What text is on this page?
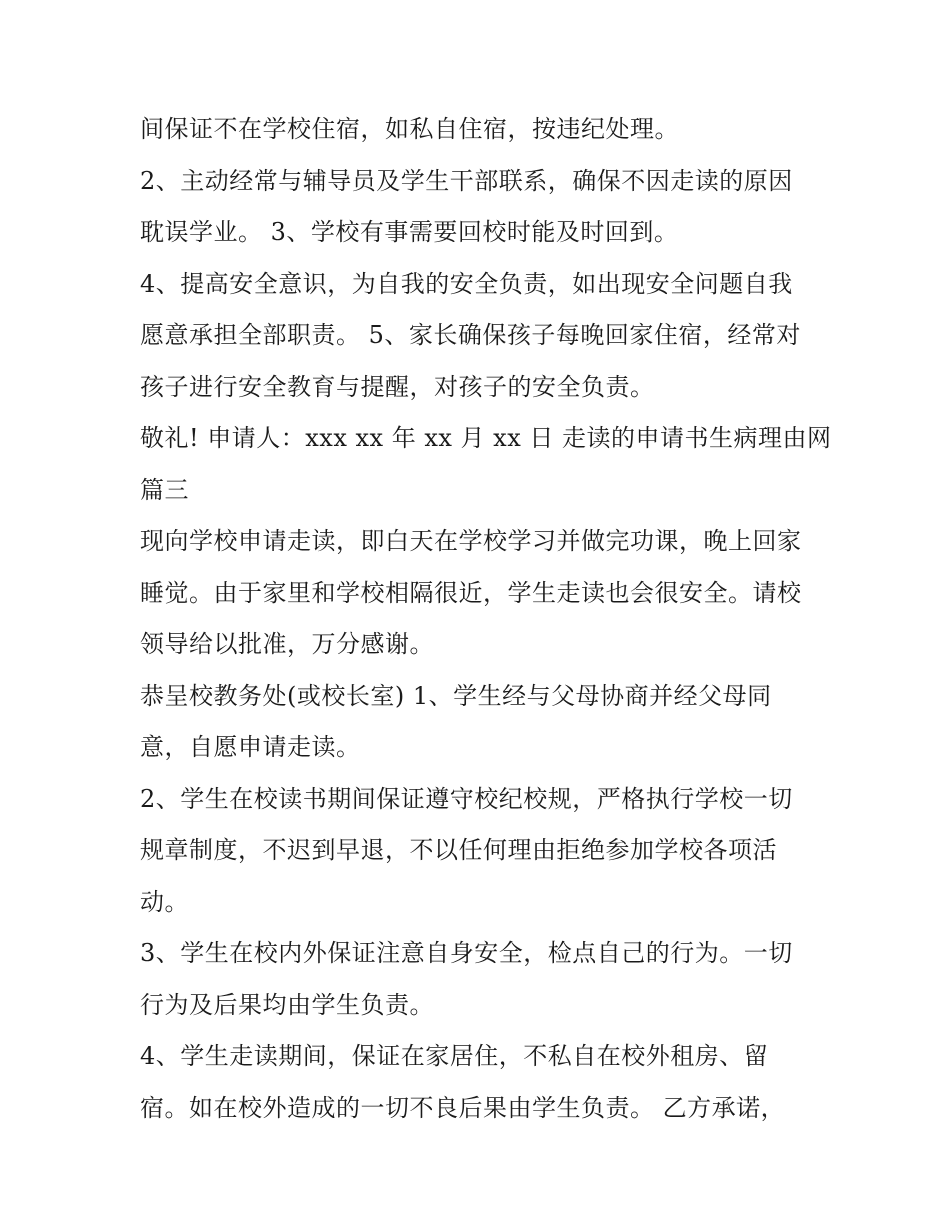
间保证不在学校住宿，如私自住宿，按违纪处理。
2、主动经常与辅导员及学生干部联系，确保不因走读的原因
耽误学业。 3、学校有事需要回校时能及时回到。
4、提高安全意识，为自我的安全负责，如出现安全问题自我
愿意承担全部职责。 5、家长确保孩子每晚回家住宿，经常对
孩子进行安全教育与提醒，对孩子的安全负责。
敬礼! 申请人：xxx xx 年 xx 月 xx 日 走读的申请书生病理由网
篇三
现向学校申请走读，即白天在学校学习并做完功课，晚上回家
睡觉。由于家里和学校相隔很近，学生走读也会很安全。请校
领导给以批准，万分感谢。
恭呈校教务处(或校长室) 1、学生经与父母协商并经父母同
意，自愿申请走读。
2、学生在校读书期间保证遵守校纪校规，严格执行学校一切
规章制度，不迟到早退，不以任何理由拒绝参加学校各项活
动。
3、学生在校内外保证注意自身安全，检点自己的行为。一切
行为及后果均由学生负责。
4、学生走读期间，保证在家居住，不私自在校外租房、留
宿。如在校外造成的一切不良后果由学生负责。 乙方承诺，
